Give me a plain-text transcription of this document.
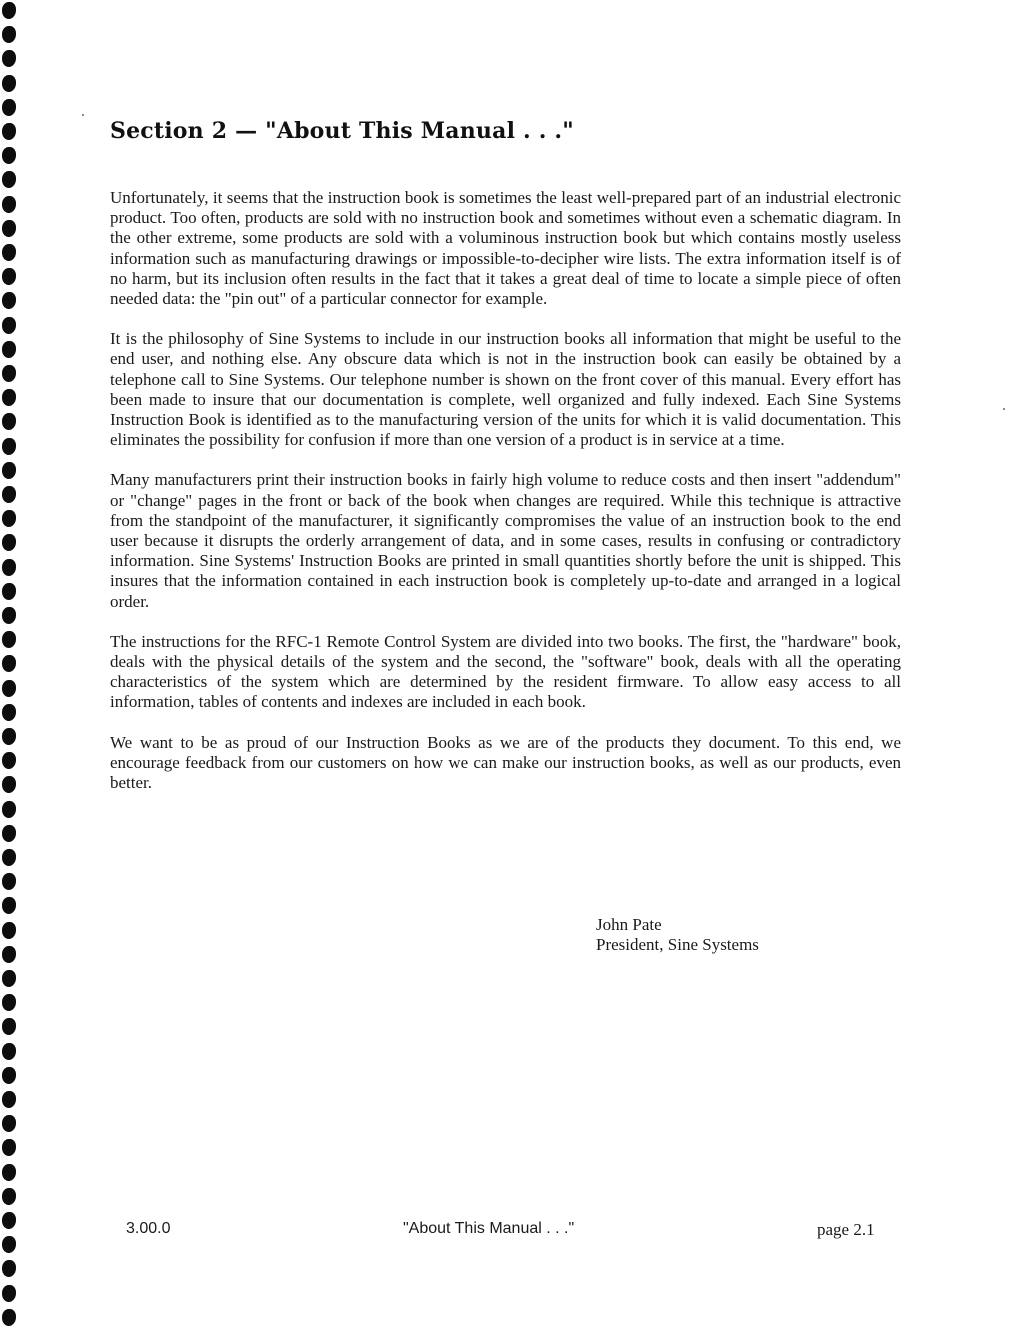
Section 2 — "About This Manual . . ."

Unfortunately, it seems that the instruction book is sometimes the least well-prepared part of an industrial electronic product. Too often, products are sold with no instruction book and sometimes without even a schematic diagram. In the other extreme, some products are sold with a voluminous instruction book but which contains mostly useless information such as manufacturing drawings or impossible-to-decipher wire lists. The extra information itself is of no harm, but its inclusion often results in the fact that it takes a great deal of time to locate a simple piece of often needed data: the "pin out" of a particular connector for example.

It is the philosophy of Sine Systems to include in our instruction books all information that might be useful to the end user, and nothing else. Any obscure data which is not in the instruction book can easily be obtained by a telephone call to Sine Systems. Our telephone number is shown on the front cover of this manual. Every effort has been made to insure that our documentation is complete, well organized and fully indexed. Each Sine Systems Instruction Book is identified as to the manufacturing version of the units for which it is valid documentation. This eliminates the possibility for confusion if more than one version of a product is in service at a time.

Many manufacturers print their instruction books in fairly high volume to reduce costs and then insert "addendum" or "change" pages in the front or back of the book when changes are required. While this technique is attractive from the standpoint of the manufacturer, it significantly compromises the value of an instruction book to the end user because it disrupts the orderly arrangement of data, and in some cases, results in confusing or contradictory information. Sine Systems' Instruction Books are printed in small quantities shortly before the unit is shipped. This insures that the information contained in each instruction book is completely up-to-date and arranged in a logical order.

The instructions for the RFC-1 Remote Control System are divided into two books. The first, the "hardware" book, deals with the physical details of the system and the second, the "software" book, deals with all the operating characteristics of the system which are determined by the resident firmware. To allow easy access to all information, tables of contents and indexes are included in each book.

We want to be as proud of our Instruction Books as we are of the products they document. To this end, we encourage feedback from our customers on how we can make our instruction books, as well as our products, even better.

John Pate
President, Sine Systems
3.00.0	"About This Manual . . ."	page 2.1
